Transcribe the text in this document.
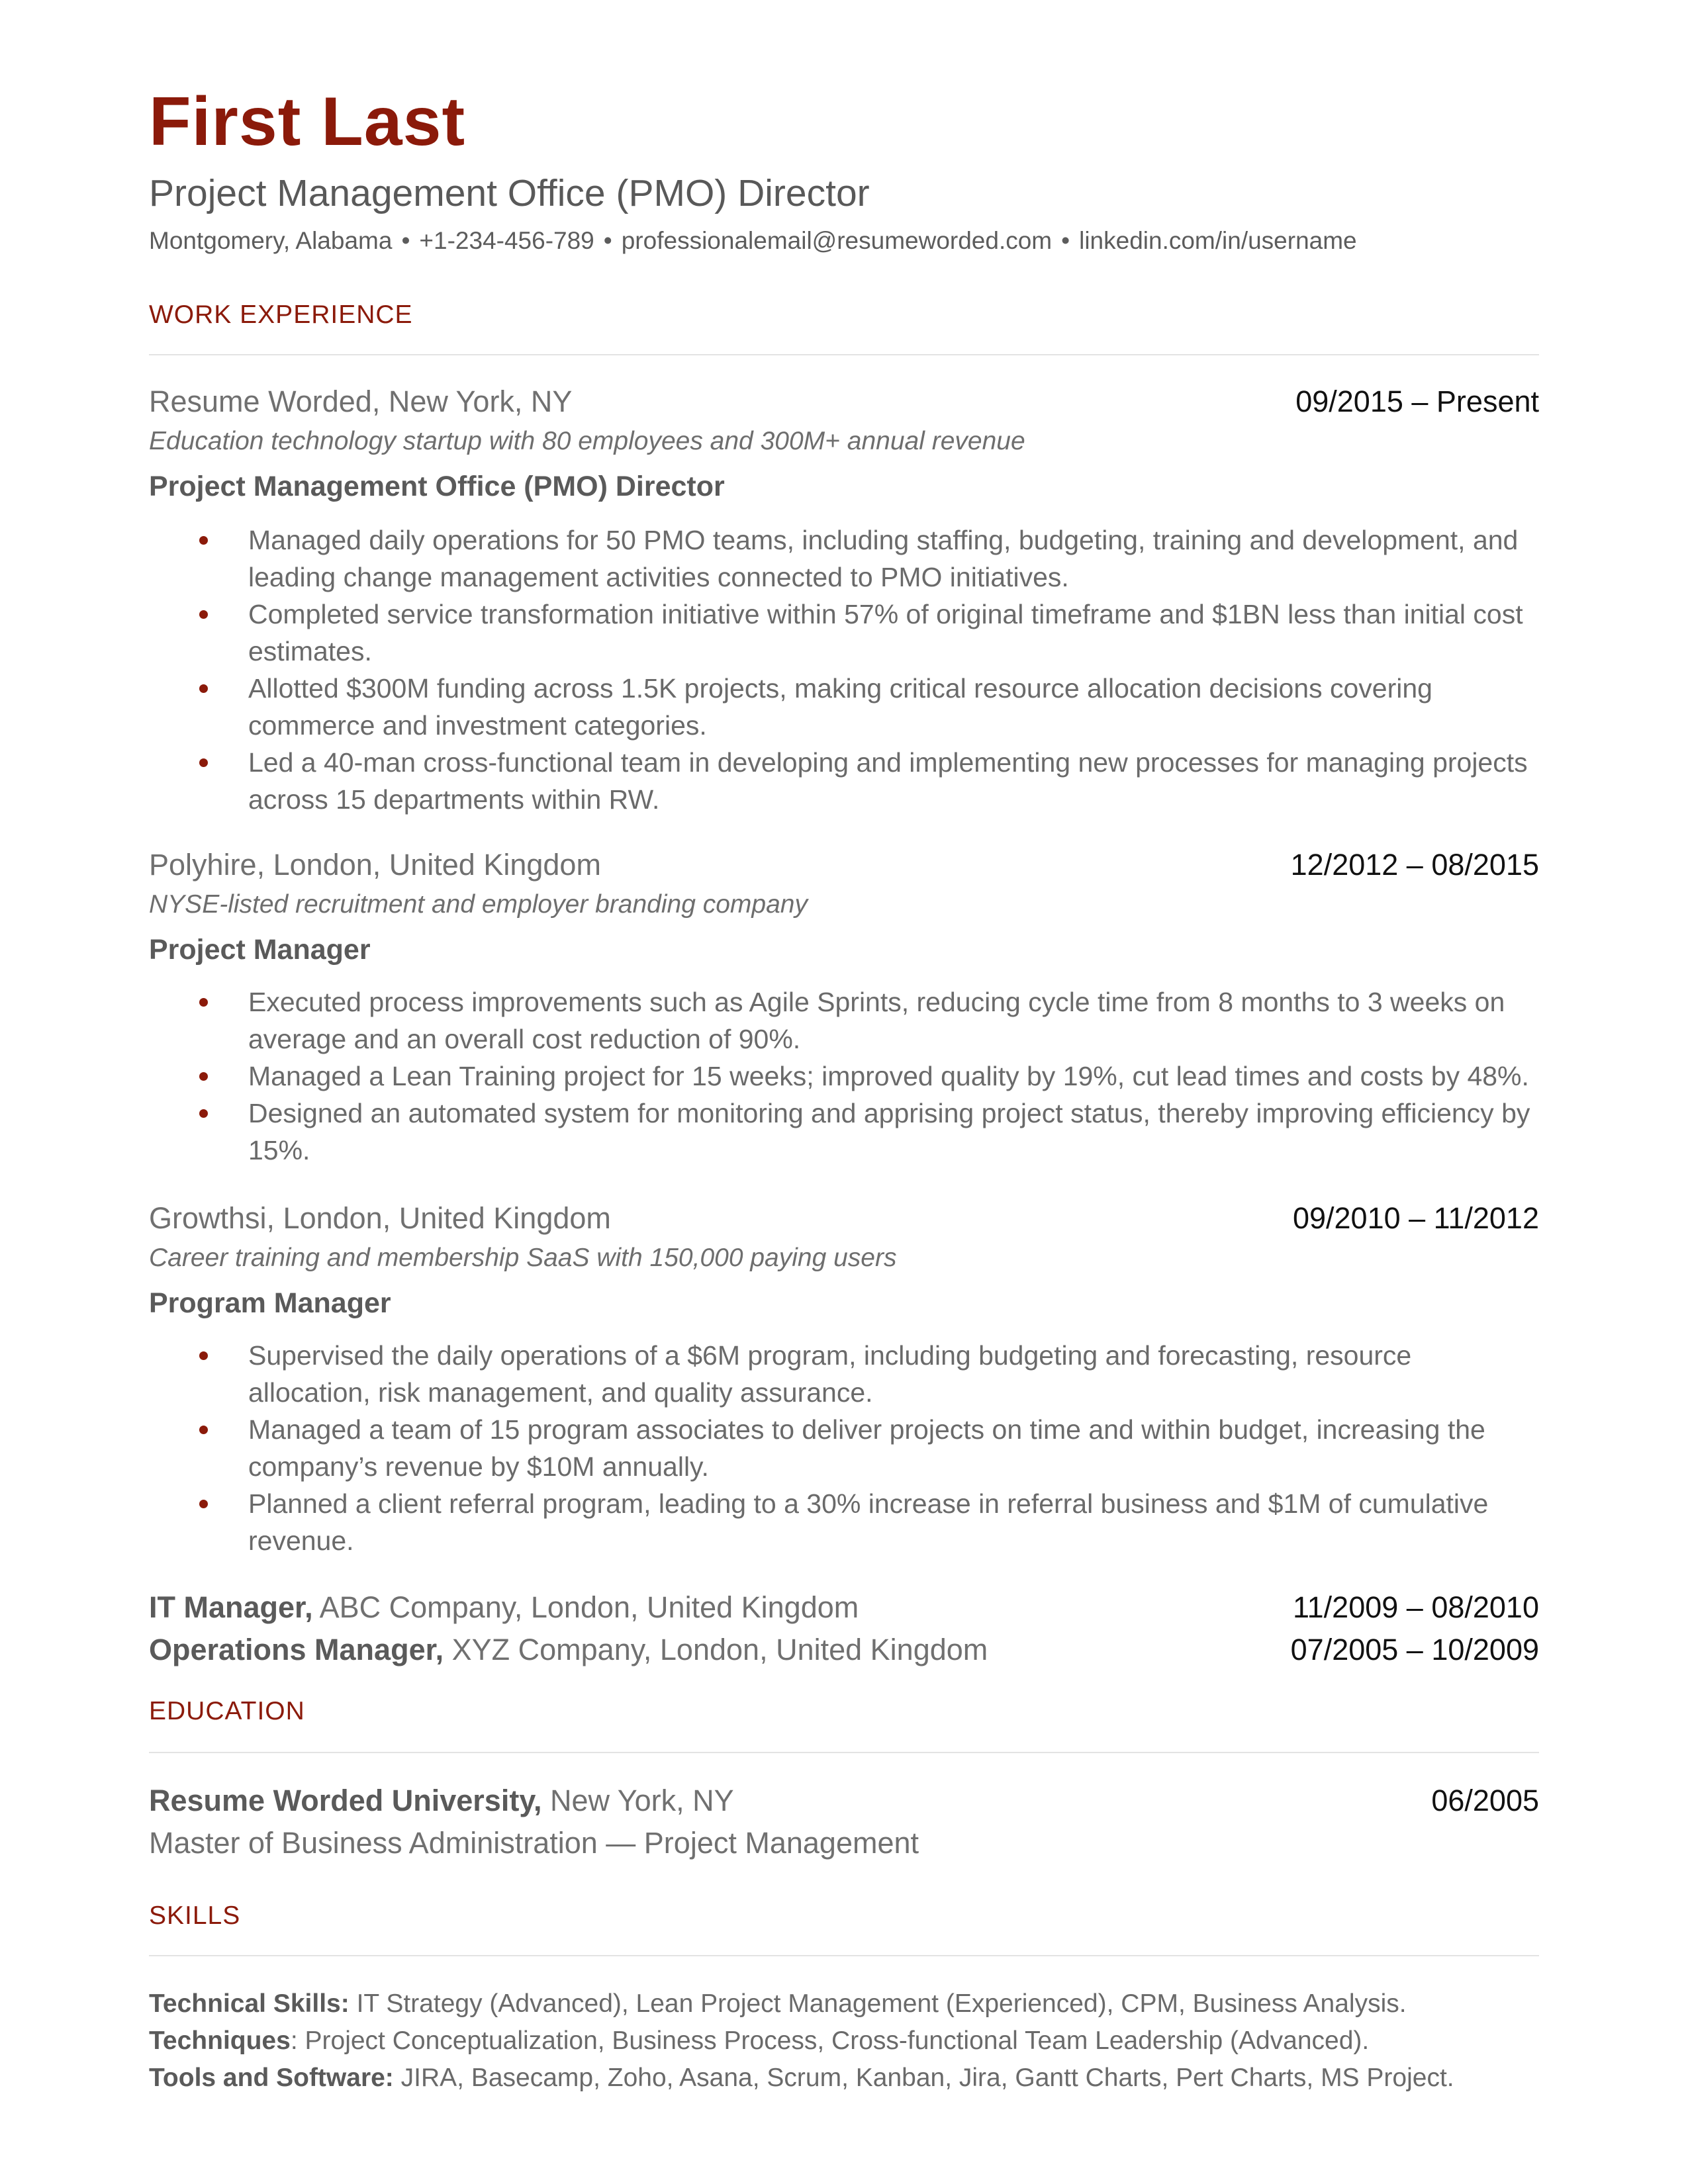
First Last
Project Management Office (PMO) Director
Montgomery, Alabama • +1-234-456-789 • professionalemail@resumeworded.com • linkedin.com/in/username
WORK EXPERIENCE
Resume Worded, New York, NY	09/2015 – Present
Education technology startup with 80 employees and 300M+ annual revenue
Project Management Office (PMO) Director
Managed daily operations for 50 PMO teams, including staffing, budgeting, training and development, and leading change management activities connected to PMO initiatives.
Completed service transformation initiative within 57% of original timeframe and $1BN less than initial cost estimates.
Allotted $300M funding across 1.5K projects, making critical resource allocation decisions covering commerce and investment categories.
Led a 40-man cross-functional team in developing and implementing new processes for managing projects across 15 departments within RW.
Polyhire, London, United Kingdom	12/2012 – 08/2015
NYSE-listed recruitment and employer branding company
Project Manager
Executed process improvements such as Agile Sprints, reducing cycle time from 8 months to 3 weeks on average and an overall cost reduction of 90%.
Managed a Lean Training project for 15 weeks; improved quality by 19%, cut lead times and costs by 48%.
Designed an automated system for monitoring and apprising project status, thereby improving efficiency by 15%.
Growthsi, London, United Kingdom	09/2010 – 11/2012
Career training and membership SaaS with 150,000 paying users
Program Manager
Supervised the daily operations of a $6M program, including budgeting and forecasting, resource allocation, risk management, and quality assurance.
Managed a team of 15 program associates to deliver projects on time and within budget, increasing the company’s revenue by $10M annually.
Planned a client referral program, leading to a 30% increase in referral business and $1M of cumulative revenue.
IT Manager, ABC Company, London, United Kingdom	11/2009 – 08/2010
Operations Manager, XYZ Company, London, United Kingdom	07/2005 – 10/2009
EDUCATION
Resume Worded University, New York, NY	06/2005
Master of Business Administration — Project Management
SKILLS
Technical Skills: IT Strategy (Advanced), Lean Project Management (Experienced), CPM, Business Analysis.
Techniques: Project Conceptualization, Business Process, Cross-functional Team Leadership (Advanced).
Tools and Software: JIRA, Basecamp, Zoho, Asana, Scrum, Kanban, Jira, Gantt Charts, Pert Charts, MS Project.
